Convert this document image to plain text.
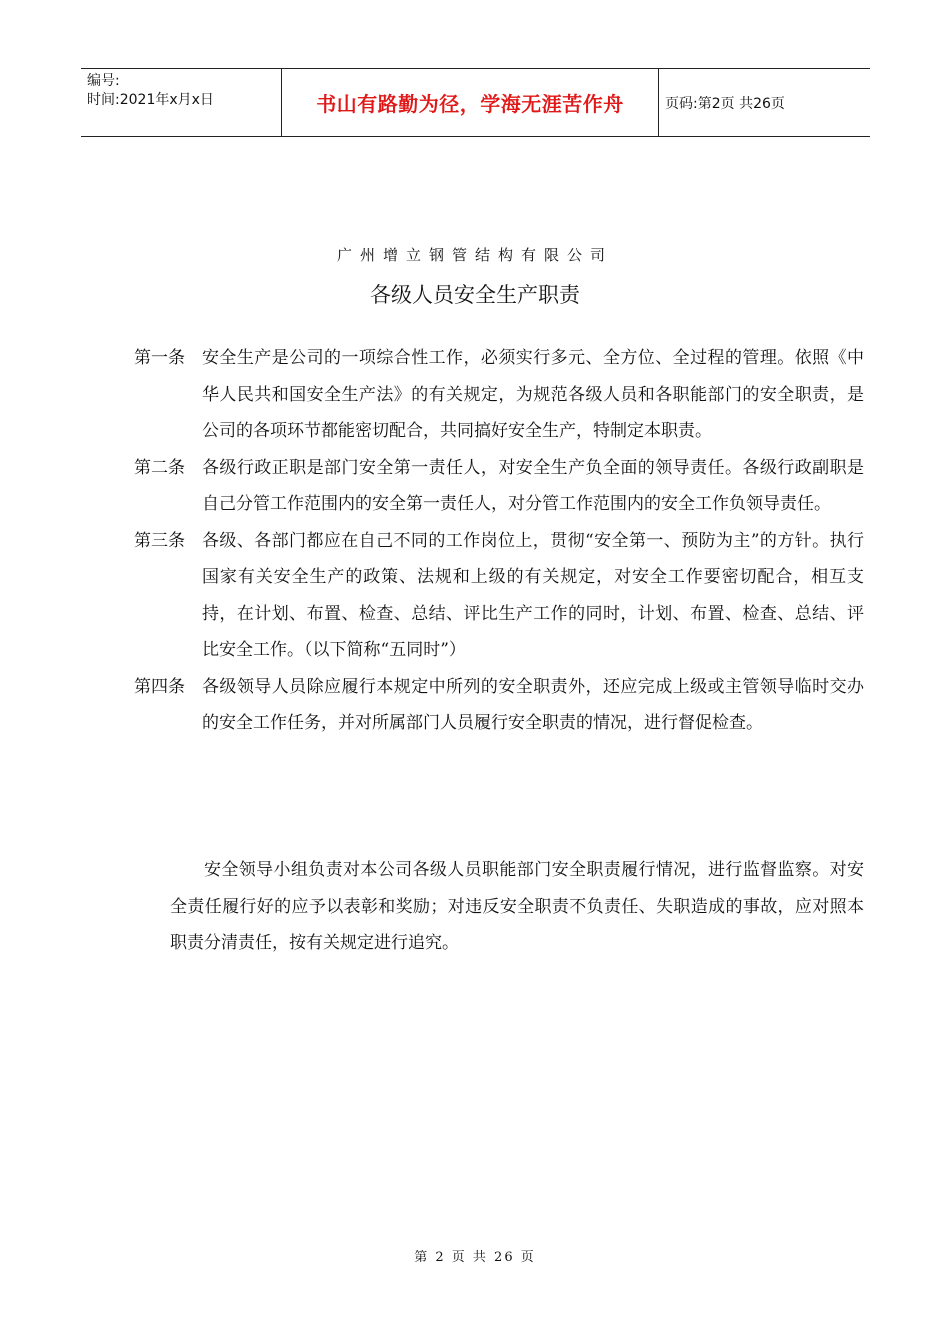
编号:
时间:2021年x月x日	书山有路勤为径，学海无涯苦作舟	页码:第2页 共26页
广州增立钢管结构有限公司
各级人员安全生产职责
第一条	安全生产是公司的一项综合性工作，必须实行多元、全方位、全过程的管理。依照《中华人民共和国安全生产法》的有关规定，为规范各级人员和各职能部门的安全职责，是公司的各项环节都能密切配合，共同搞好安全生产，特制定本职责。
第二条	各级行政正职是部门安全第一责任人，对安全生产负全面的领导责任。各级行政副职是自己分管工作范围内的安全第一责任人，对分管工作范围内的安全工作负领导责任。
第三条	各级、各部门都应在自己不同的工作岗位上，贯彻“安全第一、预防为主”的方针。执行国家有关安全生产的政策、法规和上级的有关规定，对安全工作要密切配合，相互支持，在计划、布置、检查、总结、评比生产工作的同时，计划、布置、检查、总结、评比安全工作。（以下简称“五同时”）
第四条	各级领导人员除应履行本规定中所列的安全职责外，还应完成上级或主管领导临时交办的安全工作任务，并对所属部门人员履行安全职责的情况，进行督促检查。
安全领导小组负责对本公司各级人员职能部门安全职责履行情况，进行监督监察。对安全责任履行好的应予以表彰和奖励；对违反安全职责不负责任、失职造成的事故，应对照本职责分清责任，按有关规定进行追究。
第 2 页 共 26 页
